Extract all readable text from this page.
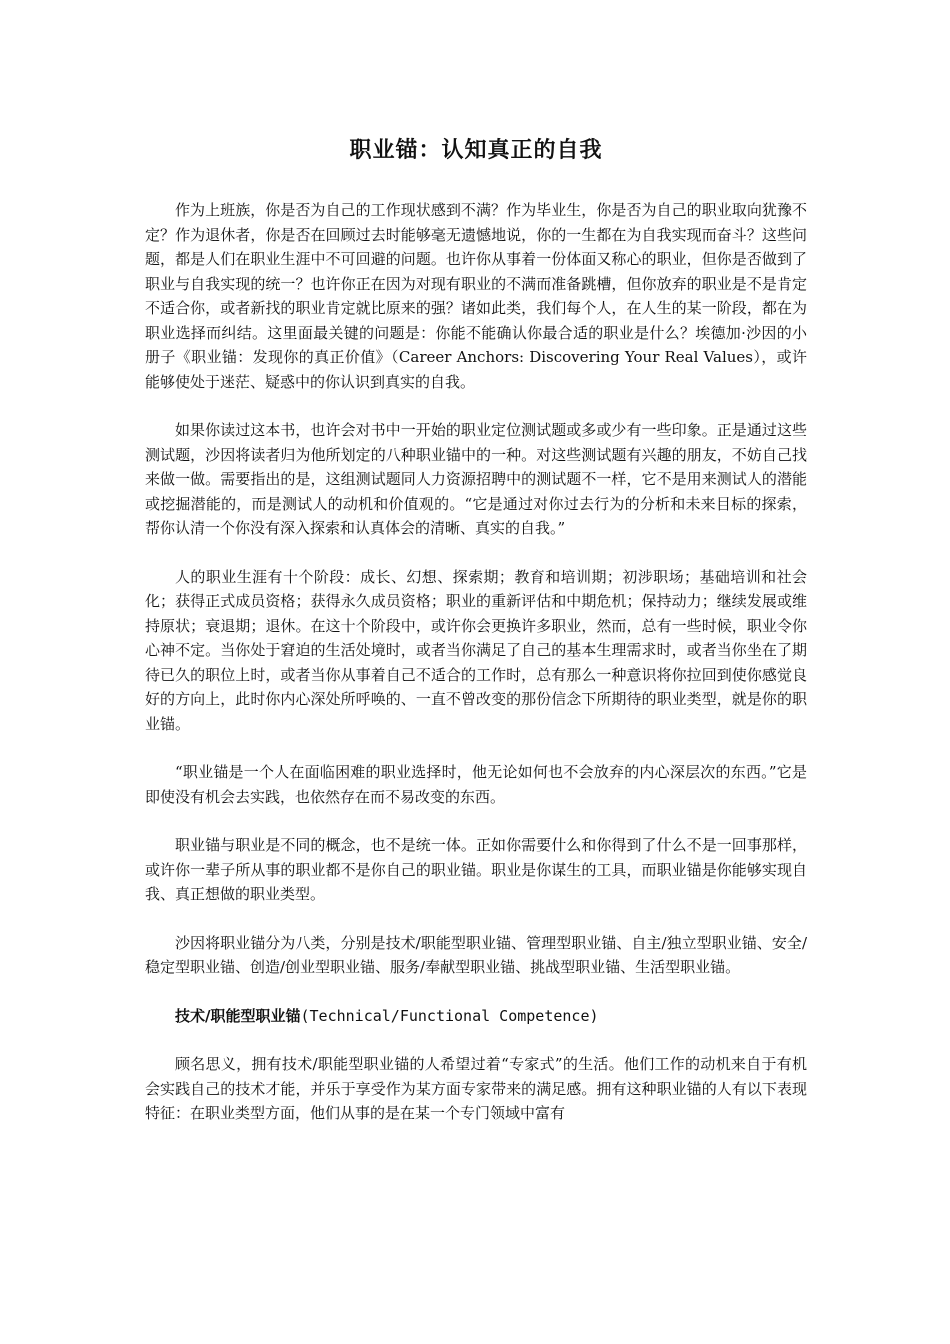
职业锚：认知真正的自我

作为上班族，你是否为自己的工作现状感到不满？作为毕业生，你是否为自己的职业取向犹豫不定？作为退休者，你是否在回顾过去时能够毫无遗憾地说，你的一生都在为自我实现而奋斗？这些问题，都是人们在职业生涯中不可回避的问题。也许你从事着一份体面又称心的职业，但你是否做到了职业与自我实现的统一？也许你正在因为对现有职业的不满而准备跳槽，但你放弃的职业是不是肯定不适合你，或者新找的职业肯定就比原来的强？诸如此类，我们每个人，在人生的某一阶段，都在为职业选择而纠结。这里面最关键的问题是：你能不能确认你最合适的职业是什么？埃德加·沙因的小册子《职业锚：发现你的真正价值》（Career Anchors: Discovering Your Real Values），或许能够使处于迷茫、疑惑中的你认识到真实的自我。

如果你读过这本书，也许会对书中一开始的职业定位测试题或多或少有一些印象。正是通过这些测试题，沙因将读者归为他所划定的八种职业锚中的一种。对这些测试题有兴趣的朋友，不妨自己找来做一做。需要指出的是，这组测试题同人力资源招聘中的测试题不一样，它不是用来测试人的潜能或挖掘潜能的，而是测试人的动机和价值观的。“它是通过对你过去行为的分析和未来目标的探索，帮你认清一个你没有深入探索和认真体会的清晰、真实的自我。”

人的职业生涯有十个阶段：成长、幻想、探索期；教育和培训期；初涉职场；基础培训和社会化；获得正式成员资格；获得永久成员资格；职业的重新评估和中期危机；保持动力；继续发展或维持原状；衰退期；退休。在这十个阶段中，或许你会更换许多职业，然而，总有一些时候，职业令你心神不定。当你处于窘迫的生活处境时，或者当你满足了自己的基本生理需求时，或者当你坐在了期待已久的职位上时，或者当你从事着自己不适合的工作时，总有那么一种意识将你拉回到使你感觉良好的方向上，此时你内心深处所呼唤的、一直不曾改变的那份信念下所期待的职业类型，就是你的职业锚。

“职业锚是一个人在面临困难的职业选择时，他无论如何也不会放弃的内心深层次的东西。”它是即使没有机会去实践，也依然存在而不易改变的东西。

职业锚与职业是不同的概念，也不是统一体。正如你需要什么和你得到了什么不是一回事那样，或许你一辈子所从事的职业都不是你自己的职业锚。职业是你谋生的工具，而职业锚是你能够实现自我、真正想做的职业类型。

沙因将职业锚分为八类，分别是技术/职能型职业锚、管理型职业锚、自主/独立型职业锚、安全/稳定型职业锚、创造/创业型职业锚、服务/奉献型职业锚、挑战型职业锚、生活型职业锚。

技术/职能型职业锚(Technical/Functional Competence)

顾名思义，拥有技术/职能型职业锚的人希望过着“专家式”的生活。他们工作的动机来自于有机会实践自己的技术才能，并乐于享受作为某方面专家带来的满足感。拥有这种职业锚的人有以下表现特征：在职业类型方面，他们从事的是在某一个专门领域中富有
